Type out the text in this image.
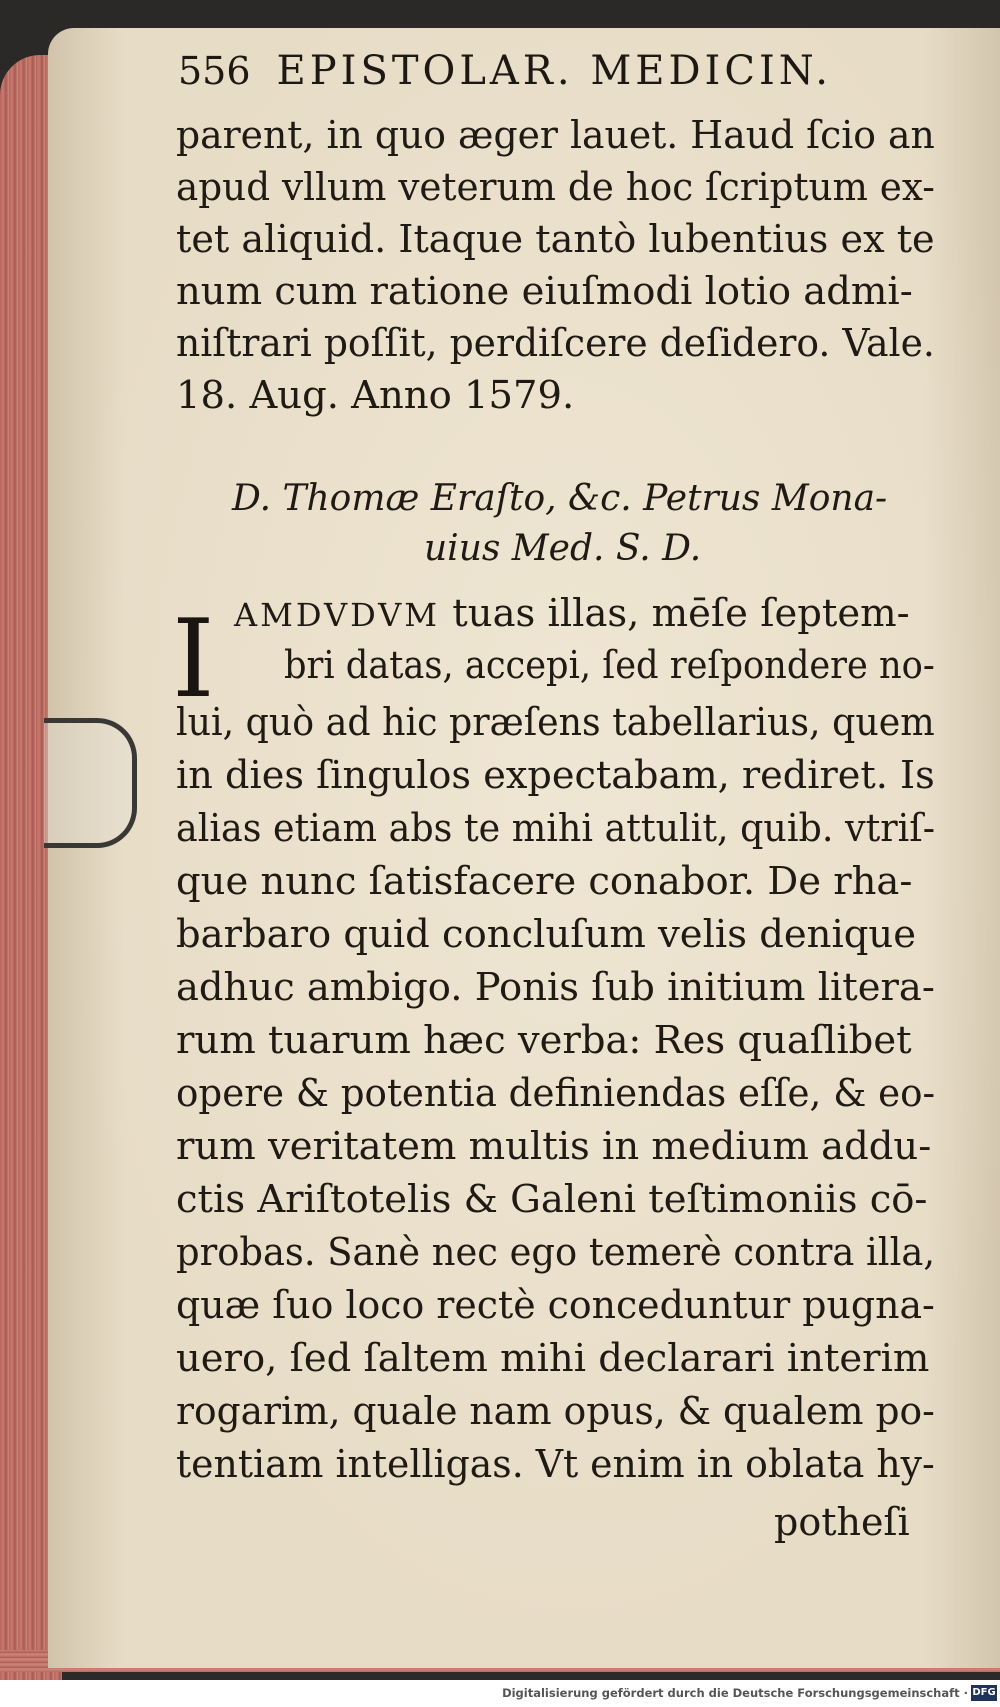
556 EPISTOLAR. MEDICIN.
parent, in quo æger lauet. Haud ſcio an
apud vllum veterum de hoc ſcriptum ex-
tet aliquid. Itaque tantò lubentius ex te
num cum ratione eiuſmodi lotio admi-
niſtrari poſſit, perdiſcere deſidero. Vale.
18. Aug. Anno 1579.
D. Thomæ Eraſto, &c. Petrus Mona-
uius Med. S. D.
I AMDVDVM tuas illas, mēſe ſeptem-
bri datas, accepi, ſed reſpondere no-
lui, quò ad hic præſens tabellarius, quem
in dies ſingulos expectabam, rediret. Is
alias etiam abs te mihi attulit, quib. vtriſ-
que nunc ſatisfacere conabor. De rha-
barbaro quid concluſum velis denique
adhuc ambigo. Ponis ſub initium litera-
rum tuarum hæc verba: Res quaſlibet
opere & potentia definiendas eſſe, & eo-
rum veritatem multis in medium addu-
ctis Ariſtotelis & Galeni teſtimoniis cō-
probas. Sanè nec ego temerè contra illa,
quæ ſuo loco rectè conceduntur pugna-
uero, ſed ſaltem mihi declarari interim
rogarim, quale nam opus, & qualem po-
tentiam intelligas. Vt enim in oblata hy-
potheſi
Digitalisierung gefördert durch die Deutsche Forschungsgemeinschaft · DFG
